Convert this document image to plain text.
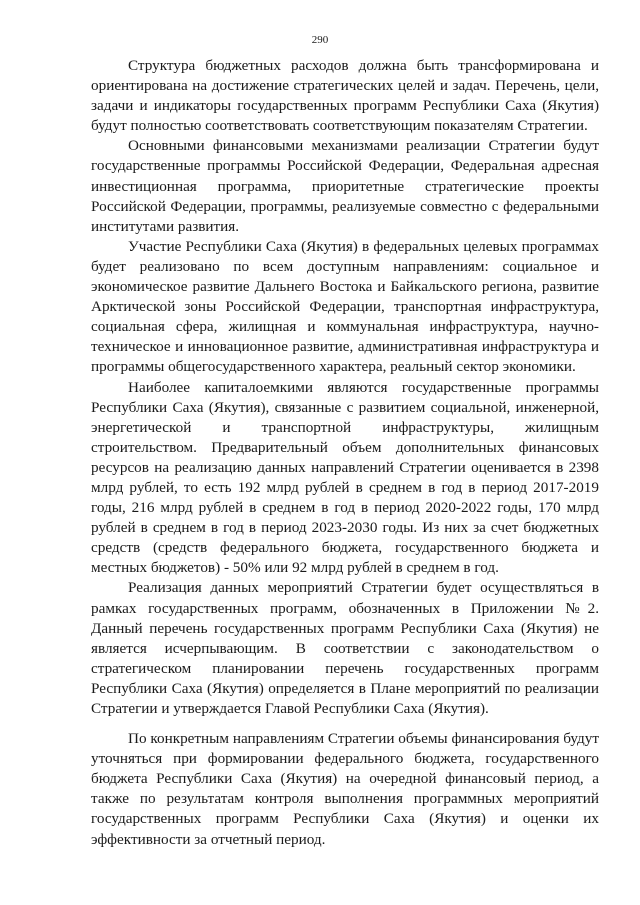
290

Структура бюджетных расходов должна быть трансформирована и ориентирована на достижение стратегических целей и задач. Перечень, цели, задачи и индикаторы государственных программ Республики Саха (Якутия) будут полностью соответствовать соответствующим показателям Стратегии.

Основными финансовыми механизмами реализации Стратегии будут государственные программы Российской Федерации, Федеральная адресная инвестиционная программа, приоритетные стратегические проекты Российской Федерации, программы, реализуемые совместно с федеральными институтами развития.

Участие Республики Саха (Якутия) в федеральных целевых программах будет реализовано по всем доступным направлениям: социальное и экономическое развитие Дальнего Востока и Байкальского региона, развитие Арктической зоны Российской Федерации, транспортная инфраструктура, социальная сфера, жилищная и коммунальная инфраструктура, научно-техническое и инновационное развитие, административная инфраструктура и программы общегосударственного характера, реальный сектор экономики.

Наиболее капиталоемкими являются государственные программы Республики Саха (Якутия), связанные с развитием социальной, инженерной, энергетической и транспортной инфраструктуры, жилищным строительством. Предварительный объем дополнительных финансовых ресурсов на реализацию данных направлений Стратегии оценивается в 2398 млрд рублей, то есть 192 млрд рублей в среднем в год в период 2017-2019 годы, 216 млрд рублей в среднем в год в период 2020-2022 годы, 170 млрд рублей в среднем в год в период 2023-2030 годы. Из них за счет бюджетных средств (средств федерального бюджета, государственного бюджета и местных бюджетов) - 50% или 92 млрд рублей в среднем в год.

Реализация данных мероприятий Стратегии будет осуществляться в рамках государственных программ, обозначенных в Приложении №2. Данный перечень государственных программ Республики Саха (Якутия) не является исчерпывающим. В соответствии с законодательством о стратегическом планировании перечень государственных программ Республики Саха (Якутия) определяется в Плане мероприятий по реализации Стратегии и утверждается Главой Республики Саха (Якутия).

По конкретным направлениям Стратегии объемы финансирования будут уточняться при формировании федерального бюджета, государственного бюджета Республики Саха (Якутия) на очередной финансовый период, а также по результатам контроля выполнения программных мероприятий государственных программ Республики Саха (Якутия) и оценки их эффективности за отчетный период.
